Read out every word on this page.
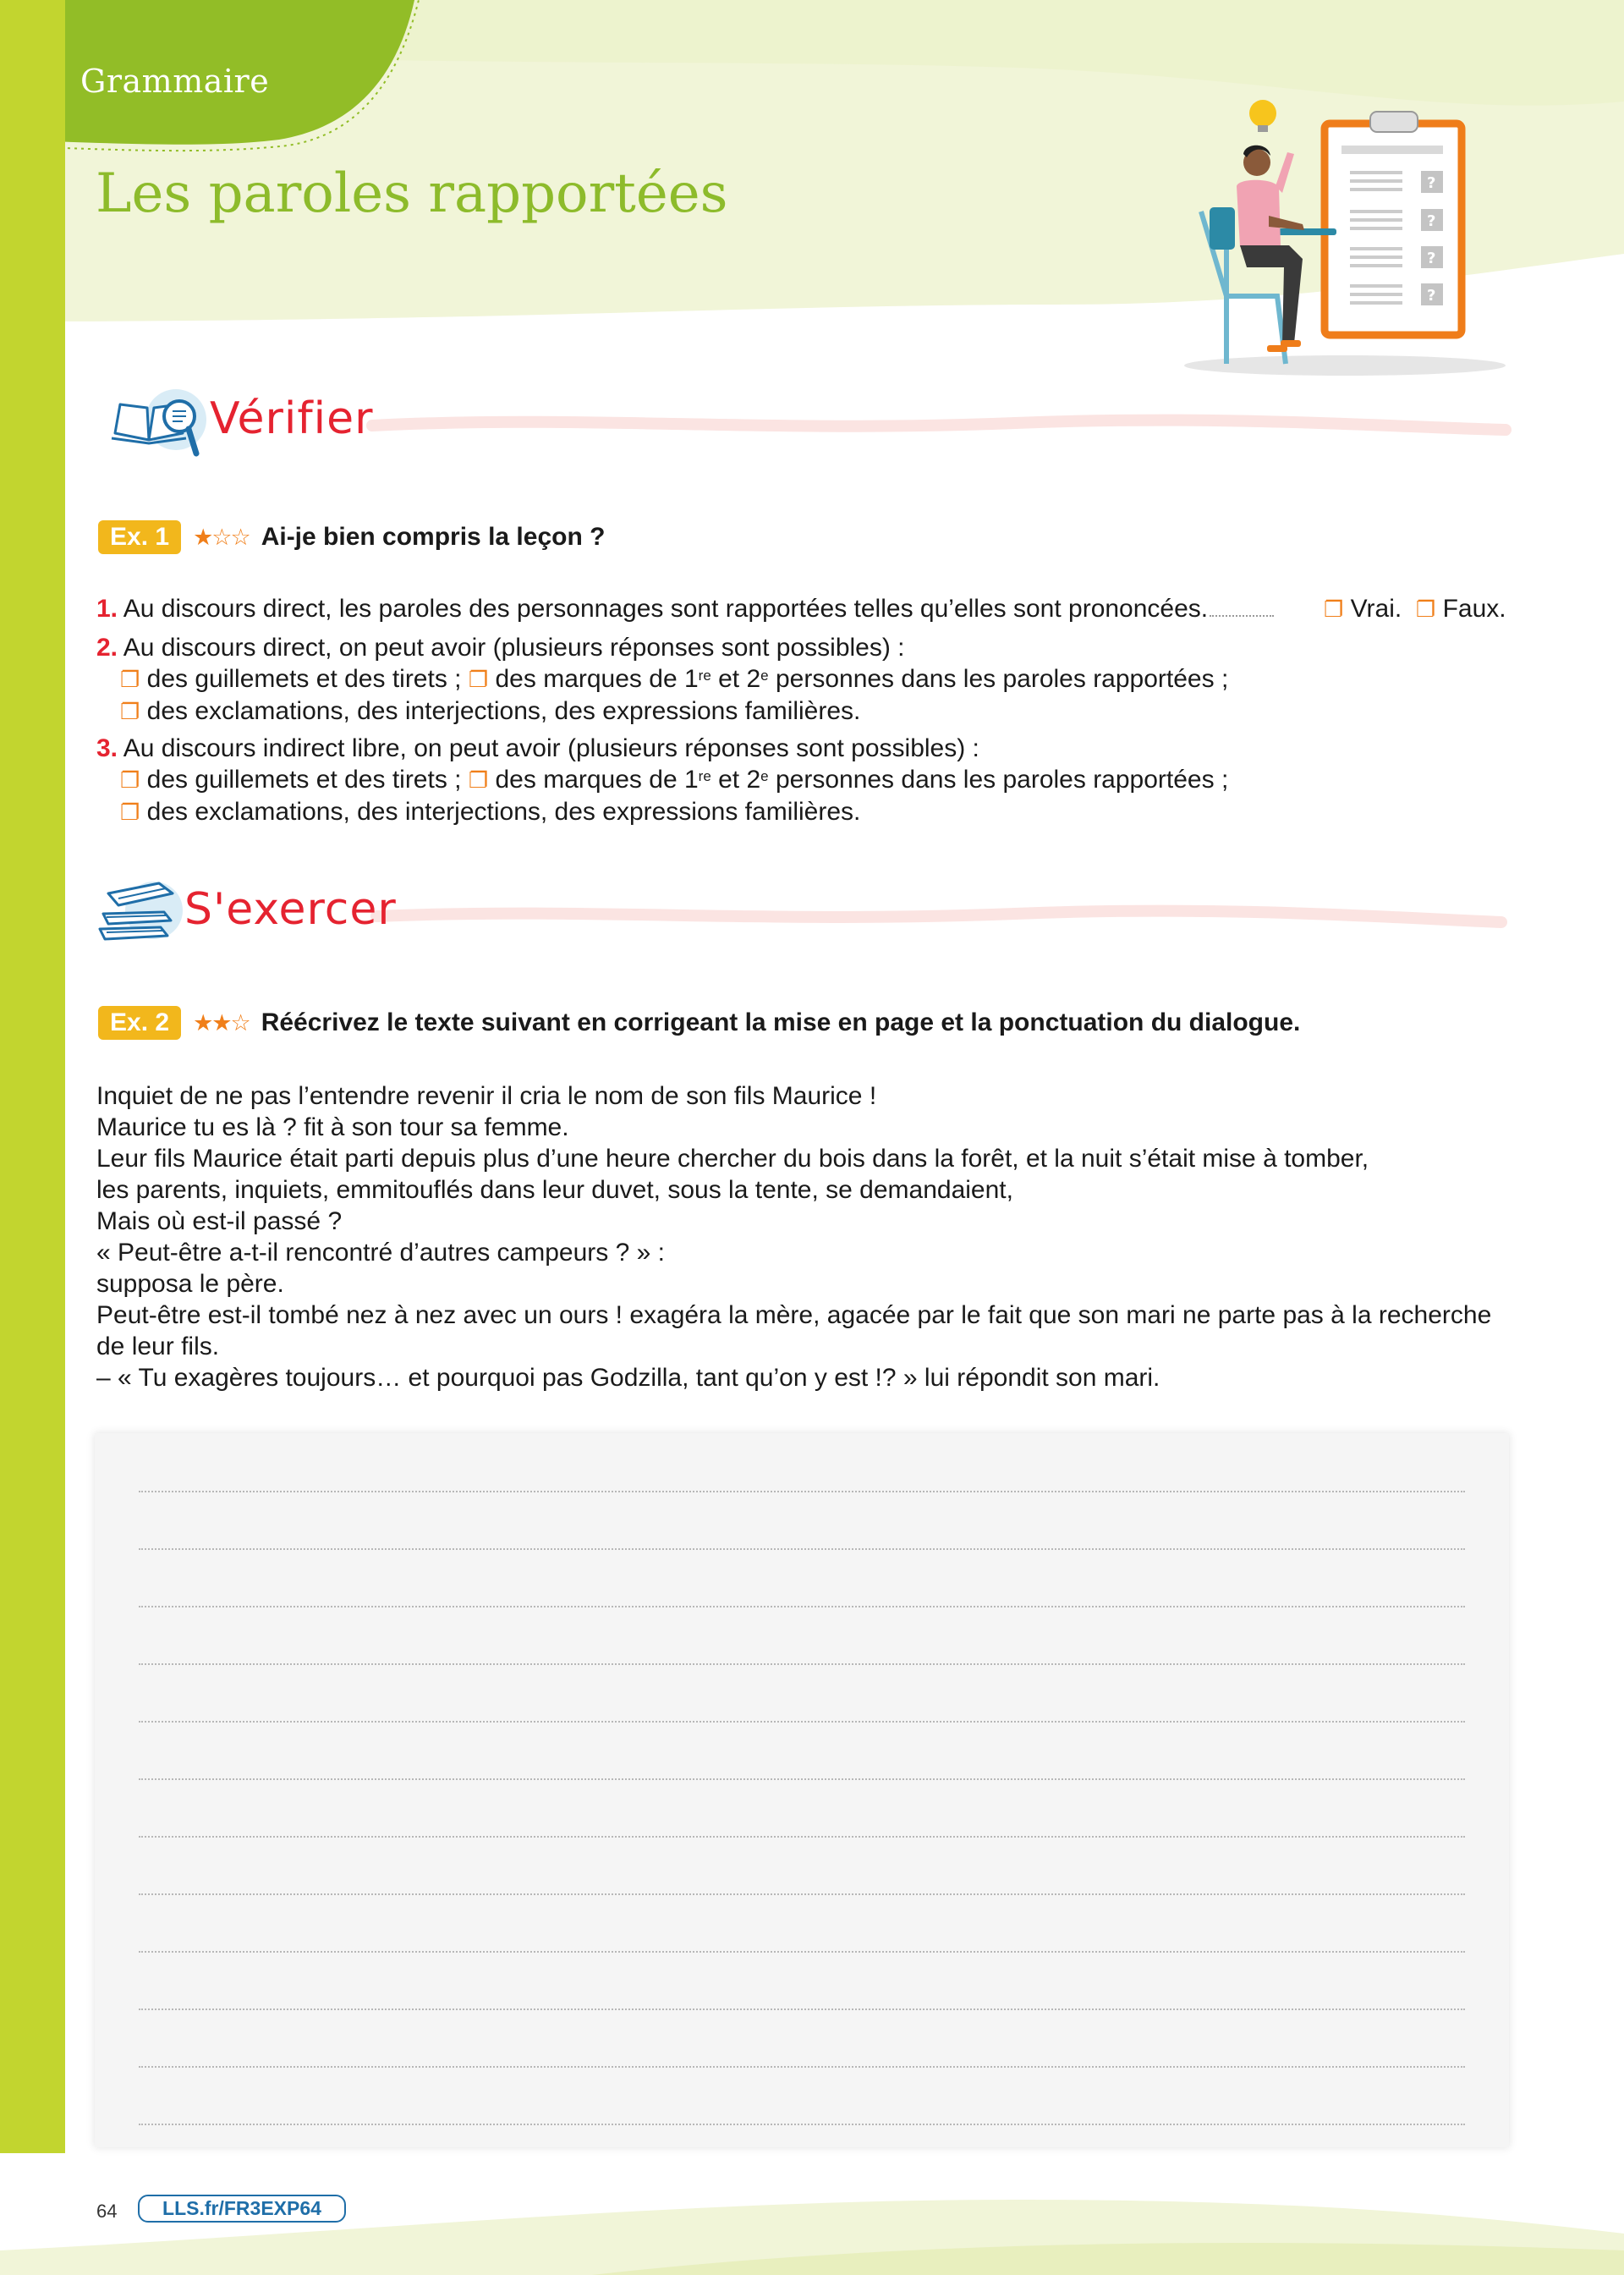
Grammaire
Les paroles rapportées	?
?
?
?
Vérifier
Ex. 1	★☆☆ Ai-je bien compris la leçon ?
1. Au discours direct, les paroles des personnages sont rapportées telles qu’elles sont prononcées.	❐ Vrai. ❐ Faux.
2. Au discours direct, on peut avoir (plusieurs réponses sont possibles) :
❐ des guillemets et des tirets ; ❐ des marques de 1re et 2e personnes dans les paroles rapportées ;
❐ des exclamations, des interjections, des expressions familières.
3. Au discours indirect libre, on peut avoir (plusieurs réponses sont possibles) :
❐ des guillemets et des tirets ; ❐ des marques de 1re et 2e personnes dans les paroles rapportées ;
❐ des exclamations, des interjections, des expressions familières.
S'exercer
Ex. 2	★★☆ Réécrivez le texte suivant en corrigeant la mise en page et la ponctuation du dialogue.
Inquiet de ne pas l’entendre revenir il cria le nom de son fils Maurice !
Maurice tu es là ? fit à son tour sa femme.
Leur fils Maurice était parti depuis plus d’une heure chercher du bois dans la forêt, et la nuit s’était mise à tomber,
les parents, inquiets, emmitouflés dans leur duvet, sous la tente, se demandaient,
Mais où est-il passé ?
« Peut-être a-t-il rencontré d’autres campeurs ? » :
supposa le père.
Peut-être est-il tombé nez à nez avec un ours ! exagéra la mère, agacée par le fait que son mari ne parte pas à la recherche
de leur fils.
– « Tu exagères toujours… et pourquoi pas Godzilla, tant qu’on y est !? » lui répondit son mari.
64	LLS.fr/FR3EXP64
